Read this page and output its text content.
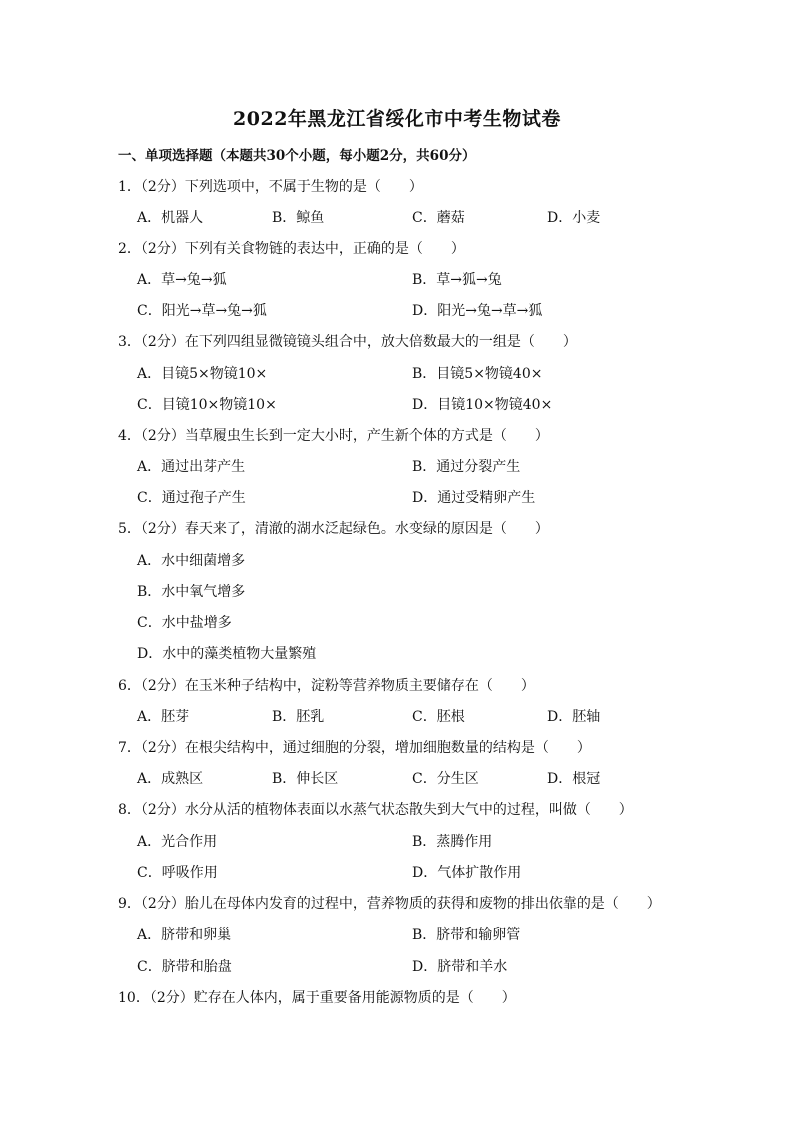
2022年黑龙江省绥化市中考生物试卷
一、单项选择题（本题共30个小题，每小题2分，共60分）
1．（2分）下列选项中，不属于生物的是（　　）
A．机器人	B．鲸鱼	C．蘑菇	D．小麦
2．（2分）下列有关食物链的表达中，正确的是（　　）
A．草→兔→狐	B．草→狐→兔
C．阳光→草→兔→狐	D．阳光→兔→草→狐
3．（2分）在下列四组显微镜镜头组合中，放大倍数最大的一组是（　　）
A．目镜5×物镜10×	B．目镜5×物镜40×
C．目镜10×物镜10×	D．目镜10×物镜40×
4．（2分）当草履虫生长到一定大小时，产生新个体的方式是（　　）
A．通过出芽产生	B．通过分裂产生
C．通过孢子产生	D．通过受精卵产生
5．（2分）春天来了，清澈的湖水泛起绿色。水变绿的原因是（　　）
A．水中细菌增多
B．水中氧气增多
C．水中盐增多
D．水中的藻类植物大量繁殖
6．（2分）在玉米种子结构中，淀粉等营养物质主要储存在（　　）
A．胚芽	B．胚乳	C．胚根	D．胚轴
7．（2分）在根尖结构中，通过细胞的分裂，增加细胞数量的结构是（　　）
A．成熟区	B．伸长区	C．分生区	D．根冠
8．（2分）水分从活的植物体表面以水蒸气状态散失到大气中的过程，叫做（　　）
A．光合作用	B．蒸腾作用
C．呼吸作用	D．气体扩散作用
9．（2分）胎儿在母体内发育的过程中，营养物质的获得和废物的排出依靠的是（　　）
A．脐带和卵巢	B．脐带和输卵管
C．脐带和胎盘	D．脐带和羊水
10．（2分）贮存在人体内，属于重要备用能源物质的是（　　）
